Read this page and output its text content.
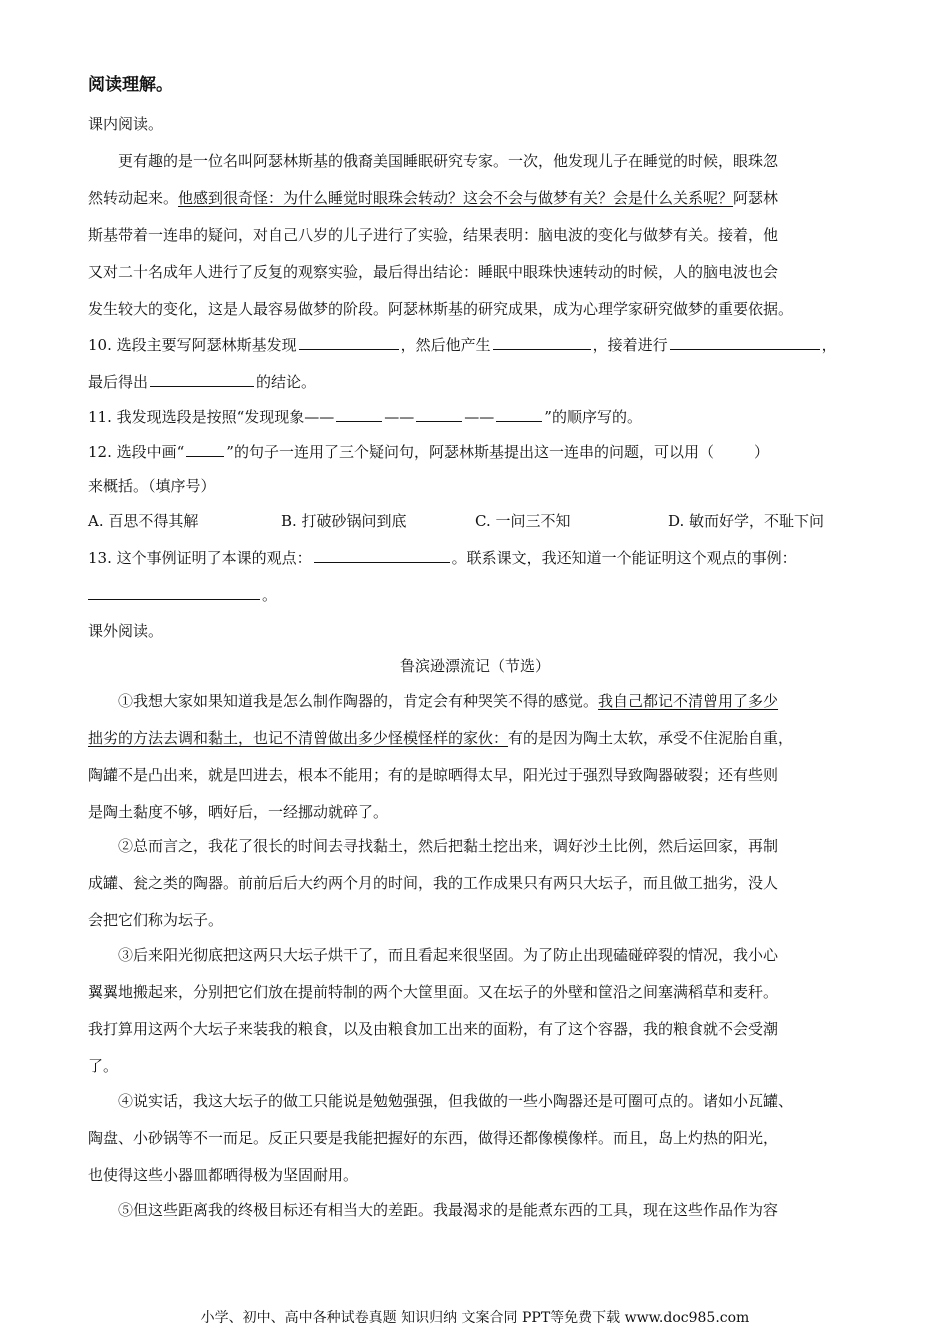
阅读理解。
课内阅读。
更有趣的是一位名叫阿瑟林斯基的俄裔美国睡眠研究专家。一次，他发现儿子在睡觉的时候，眼珠忽
然转动起来。他感到很奇怪：为什么睡觉时眼珠会转动？这会不会与做梦有关？会是什么关系呢？阿瑟林
斯基带着一连串的疑问，对自己八岁的儿子进行了实验，结果表明：脑电波的变化与做梦有关。接着，他
又对二十名成年人进行了反复的观察实验，最后得出结论：睡眠中眼珠快速转动的时候，人的脑电波也会
发生较大的变化，这是人最容易做梦的阶段。阿瑟林斯基的研究成果，成为心理学家研究做梦的重要依据。
10. 选段主要写阿瑟林斯基发现	，然后他产生	，接着进行	，
最后得出	的结论。
11. 我发现选段是按照“发现现象——	——	——	”的顺序写的。
12. 选段中画“	”的句子一连用了三个疑问句，阿瑟林斯基提出这一连串的问题，可以用（	）
来概括。（填序号）
A. 百思不得其解	B. 打破砂锅问到底	C. 一问三不知	D. 敏而好学，不耻下问
13. 这个事例证明了本课的观点：	。联系课文，我还知道一个能证明这个观点的事例：
。
课外阅读。
鲁滨逊漂流记（节选）
①我想大家如果知道我是怎么制作陶器的，肯定会有种哭笑不得的感觉。我自己都记不清曾用了多少
拙劣的方法去调和黏土，也记不清曾做出多少怪模怪样的家伙：有的是因为陶土太软，承受不住泥胎自重，
陶罐不是凸出来，就是凹进去，根本不能用；有的是晾晒得太早，阳光过于强烈导致陶器破裂；还有些则
是陶土黏度不够，晒好后，一经挪动就碎了。
②总而言之，我花了很长的时间去寻找黏土，然后把黏土挖出来，调好沙土比例，然后运回家，再制
成罐、瓮之类的陶器。前前后后大约两个月的时间，我的工作成果只有两只大坛子，而且做工拙劣，没人
会把它们称为坛子。
③后来阳光彻底把这两只大坛子烘干了，而且看起来很坚固。为了防止出现磕碰碎裂的情况，我小心
翼翼地搬起来，分别把它们放在提前特制的两个大筐里面。又在坛子的外壁和筐沿之间塞满稻草和麦秆。
我打算用这两个大坛子来装我的粮食，以及由粮食加工出来的面粉，有了这个容器，我的粮食就不会受潮
了。
④说实话，我这大坛子的做工只能说是勉勉强强，但我做的一些小陶器还是可圈可点的。诸如小瓦罐、
陶盘、小砂锅等不一而足。反正只要是我能把握好的东西，做得还都像模像样。而且，岛上灼热的阳光，
也使得这些小器皿都晒得极为坚固耐用。
⑤但这些距离我的终极目标还有相当大的差距。我最渴求的是能煮东西的工具，现在这些作品作为容
小学、初中、高中各种试卷真题 知识归纳 文案合同 PPT等免费下载 www.doc985.com
